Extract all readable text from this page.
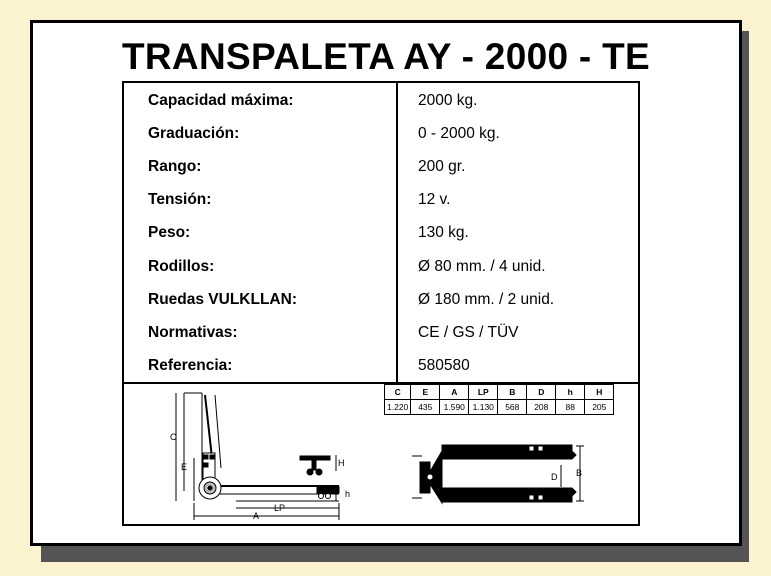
TRANSPALETA AY - 2000 - TE
Capacidad máxima:	2000 kg.
Graduación:	0 - 2000 kg.
Rango:	200 gr.
Tensión:	12 v.
Peso:	130 kg.
Rodillos:	Ø 80 mm. / 4 unid.
Ruedas VULKLLAN:	Ø 180 mm. / 2 unid.
Normativas:	CE / GS / TÜV
Referencia:	580580
C	E	A	LP	B	D	h	H
1.220	435	1.590	1.130	568	208	88	205
C
E	H
h
LP
A
D B
